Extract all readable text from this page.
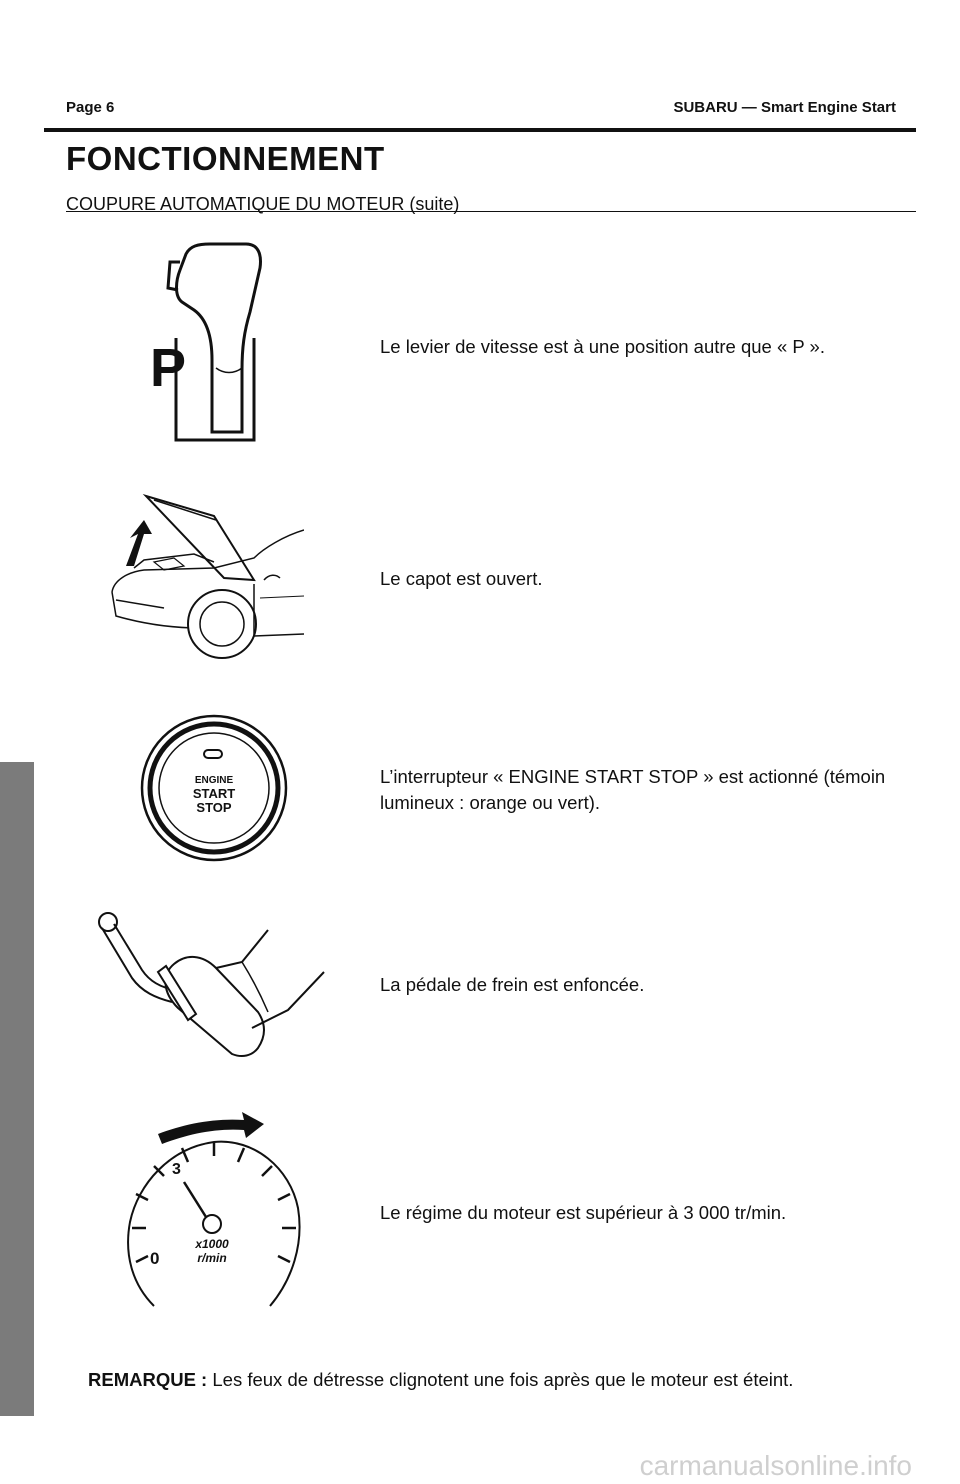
Page 6	SUBARU — Smart Engine Start
FONCTIONNEMENT
COUPURE AUTOMATIQUE DU MOTEUR (suite)
P	Le levier de vitesse est à une position autre que « P ».
Le capot est ouvert.
ENGINE
START
STOP
L’interrupteur « ENGINE START STOP » est actionné (témoin lumineux : orange ou vert).
La pédale de frein est enfoncée.
3
0
x1000
r/min
Le régime du moteur est supérieur à 3 000 tr/min.
REMARQUE : Les feux de détresse clignotent une fois après que le moteur est éteint.
carmanualsonline.info
